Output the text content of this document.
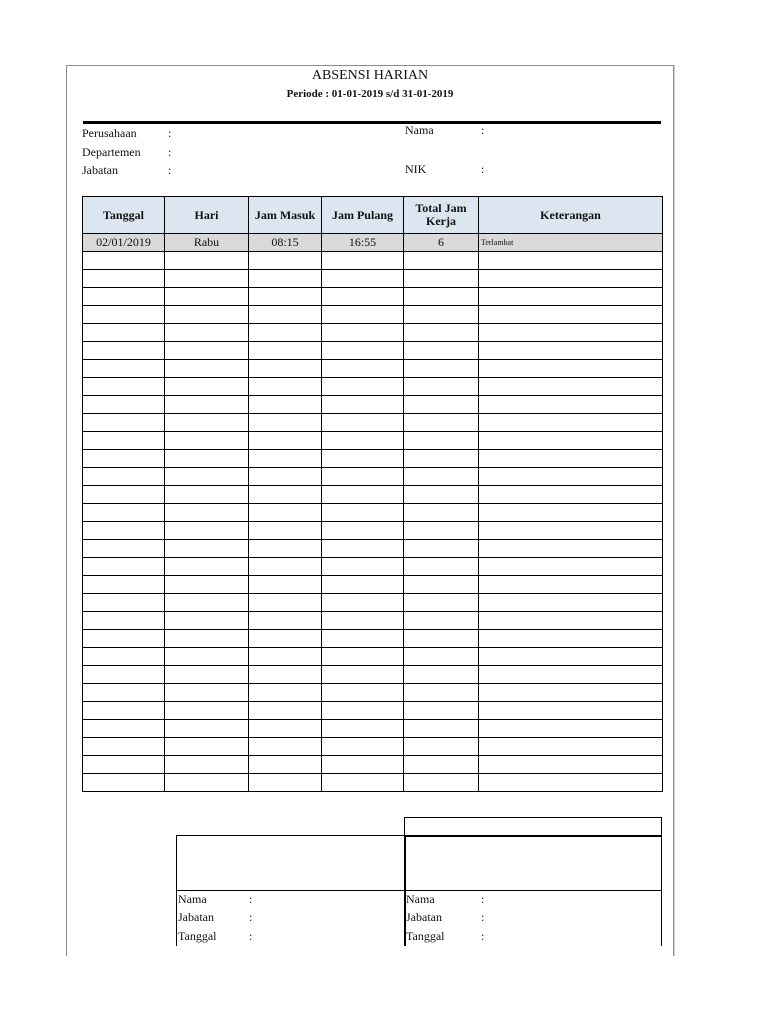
ABSENSI HARIAN
Periode : 01-01-2019 s/d 31-01-2019
Perusahaan	:
Departemen :
Jabatan	:
Nama	:
NIK	:
Tanggal	Hari	Jam Masuk	Jam Pulang	Total Jam Kerja	Keterangan
02/01/2019	Rabu	08:15	16:55	6	Terlambat

Nama	:
Jabatan	:
Tanggal	:
Nama	:
Jabatan	:
Tanggal	:
